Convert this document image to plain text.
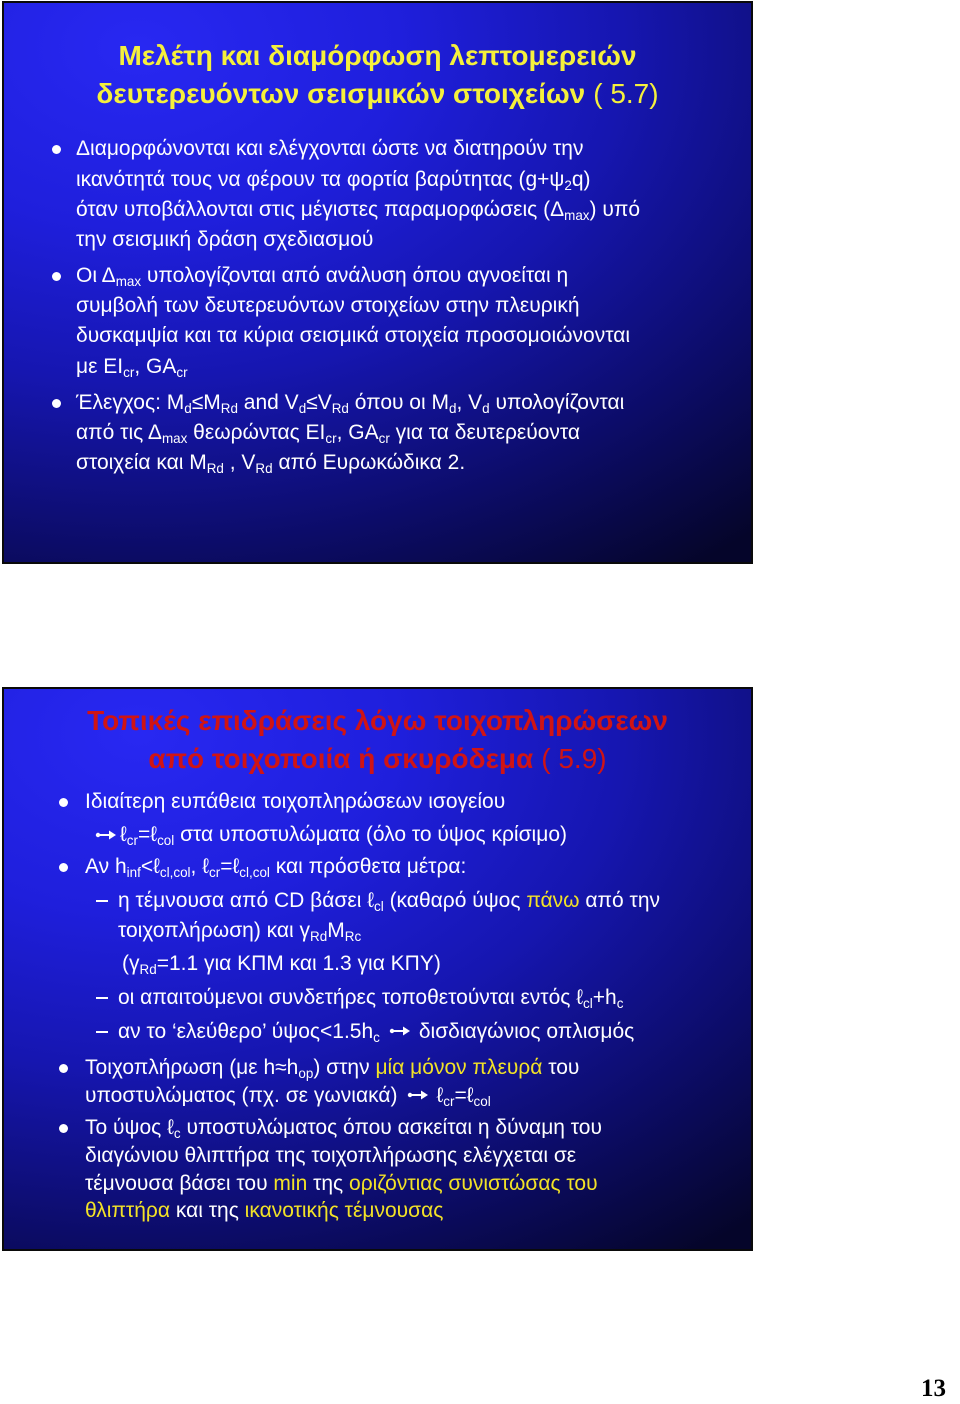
Μελέτη και διαμόρφωση λεπτομερειών
δευτερευόντων σεισμικών στοιχείων ( 5.7)
Διαμορφώνονται και ελέγχονται ώστε να διατηρούν την
ικανότητά τους να φέρουν τα φορτία βαρύτητας $(g+\psi_2q)$
όταν υποβάλλονται στις μέγιστες παραμορφώσεις $(\Delta_{max})$ υπό
την σεισμική δράση σχεδιασμού
Οι $\Delta_{max}$ υπολογίζονται από ανάλυση όπου αγνοείται η
συμβολή των δευτερευόντων στοιχείων στην πλευρική
δυσκαμψία και τα κύρια σεισμικά στοιχεία προσομοιώνονται
με $EI_{cr}$, $GA_{cr}$
Έλεγχος: $M_d\le M_{Rd}$ and $V_d\le V_{Rd}$ όπου οι $M_d$, $V_d$ υπολογίζονται
από τις $\Delta_{max}$ θεωρώντας $EI_{cr}$, $GA_{cr}$ για τα δευτερεύοντα
στοιχεία και $M_{Rd}$ , $V_{Rd}$ από Ευρωκώδικα 2.
Τοπικές επιδράσεις λόγω τοιχοπληρώσεων
από τοιχοποιία ή σκυρόδεμα ( 5.9)
Ιδιαίτερη ευπάθεια τοιχοπληρώσεων ισογείου
ℓ$_{cr}$=ℓ$_{col}$ στα υποστυλώματα (όλο το ύψος κρίσιμο)
Αν $h_{inf}<\ell_{cl,col}$, ℓ$_{cr}$=ℓ$_{cl,col}$ και πρόσθετα μέτρα:
η τέμνουσα από CD βάσει ℓ$_{cl}$ (καθαρό ύψος πάνω από την
τοιχοπλήρωση) και $\gamma_{Rd}M_{Rc}$
($\gamma_{Rd}=1.1$ για ΚΠΜ και 1.3 για ΚΠΥ)
οι απαιτούμενοι συνδετήρες τοποθετούνται εντός $\ell_{cl}+h_c$
αν το ‘ελεύθερο’ $ύ\psi o\varsigma<1.5h_c$ δισδιαγώνιος οπλισμός
Τοιχοπλήρωση (με $h\approx h_{op}$) στην μία μόνον πλευρά του
υποστυλώματος (πχ. σε γωνιακά) ℓ$_{cr}$=ℓ$_{col}$
Το ύψος ℓ$_c$ υποστυλώματος όπου ασκείται η δύναμη του
διαγώνιου θλιπτήρα της τοιχοπλήρωσης ελέγχεται σε
τέμνουσα βάσει του min της οριζόντιας συνιστώσας του
θλιπτήρα και της ικανοτικής τέμνουσας
13
